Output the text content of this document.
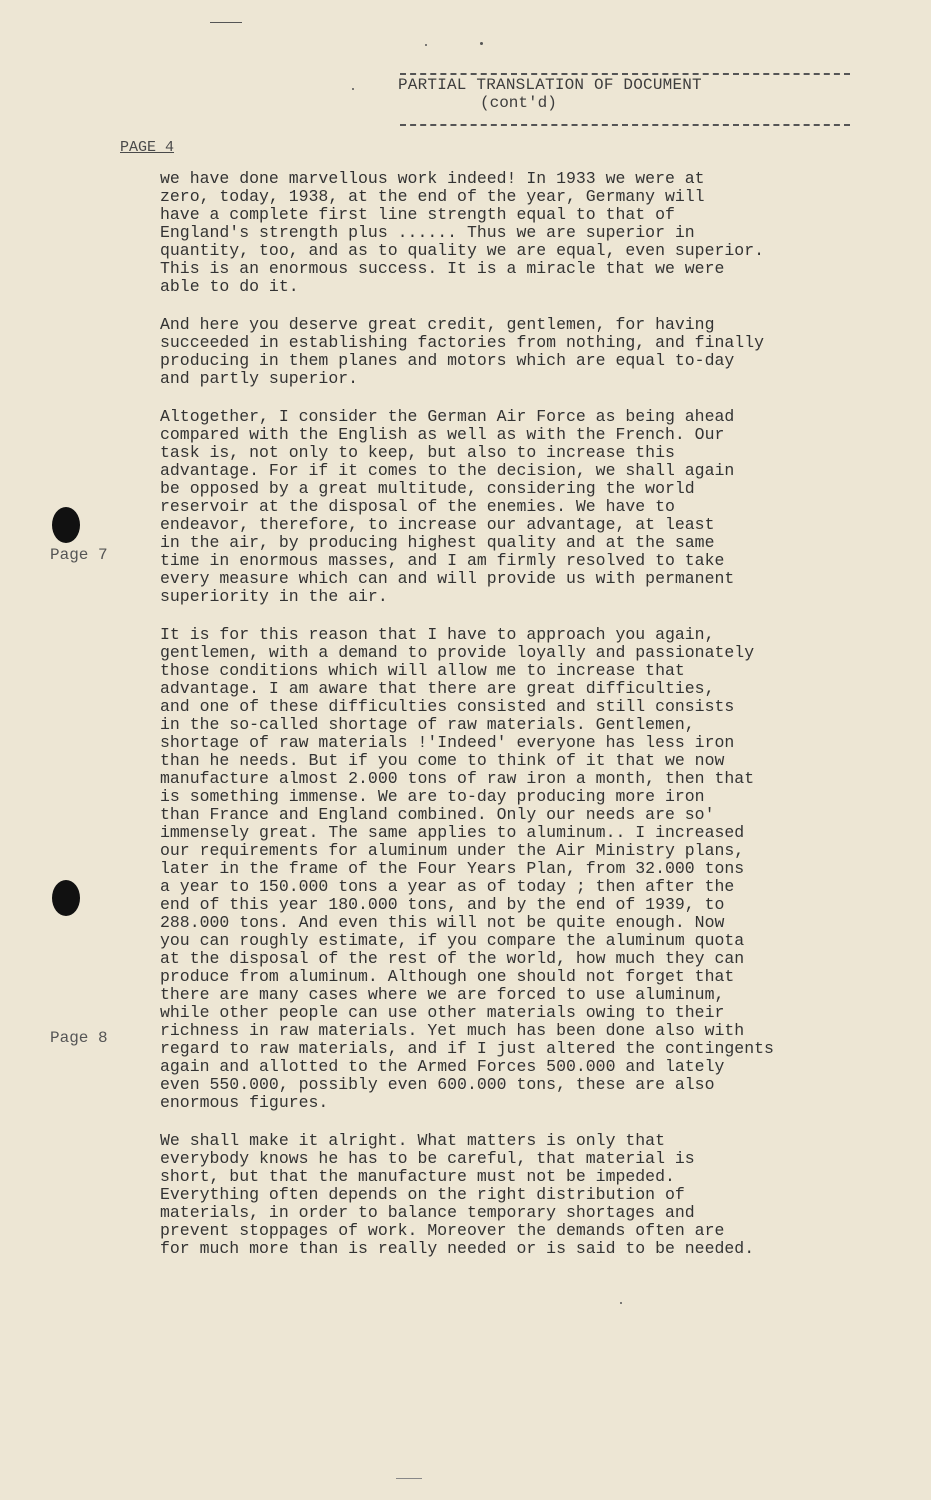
PARTIAL TRANSLATION OF DOCUMENT
(cont'd)
PAGE 4
Page 7
Page 8

we have done marvellous work indeed! In 1933 we were at
zero, today, 1938, at the end of the year, Germany will
have a complete first line strength equal to that of
England's strength plus ...... Thus we are superior in
quantity, too, and as to quality we are equal, even superior.
This is an enormous success. It is a miracle that we were
able to do it.

And here you deserve great credit, gentlemen, for having
succeeded in establishing factories from nothing, and finally
producing in them planes and motors which are equal to-day
and partly superior.

Altogether, I consider the German Air Force as being ahead
compared with the English as well as with the French. Our
task is, not only to keep, but also to increase this
advantage. For if it comes to the decision, we shall again
be opposed by a great multitude, considering the world
reservoir at the disposal of the enemies. We have to
endeavor, therefore, to increase our advantage, at least
in the air, by producing highest quality and at the same
time in enormous masses, and I am firmly resolved to take
every measure which can and will provide us with permanent
superiority in the air.

It is for this reason that I have to approach you again,
gentlemen, with a demand to provide loyally and passionately
those conditions which will allow me to increase that
advantage. I am aware that there are great difficulties,
and one of these difficulties consisted and still consists
in the so-called shortage of raw materials. Gentlemen,
shortage of raw materials !'Indeed' everyone has less iron
than he needs. But if you come to think of it that we now
manufacture almost 2.000 tons of raw iron a month, then that
is something immense. We are to-day producing more iron
than France and England combined. Only our needs are so'
immensely great. The same applies to aluminum.. I increased
our requirements for aluminum under the Air Ministry plans,
later in the frame of the Four Years Plan, from 32.000 tons
a year to 150.000 tons a year as of today ; then after the
end of this year 180.000 tons, and by the end of 1939, to
288.000 tons. And even this will not be quite enough. Now
you can roughly estimate, if you compare the aluminum quota
at the disposal of the rest of the world, how much they can
produce from aluminum. Although one should not forget that
there are many cases where we are forced to use aluminum,
while other people can use other materials owing to their
richness in raw materials. Yet much has been done also with
regard to raw materials, and if I just altered the contingents
again and allotted to the Armed Forces 500.000 and lately
even 550.000, possibly even 600.000 tons, these are also
enormous figures.

We shall make it alright. What matters is only that
everybody knows he has to be careful, that material is
short, but that the manufacture must not be impeded.
Everything often depends on the right distribution of
materials, in order to balance temporary shortages and
prevent stoppages of work. Moreover the demands often are
for much more than is really needed or is said to be needed.
